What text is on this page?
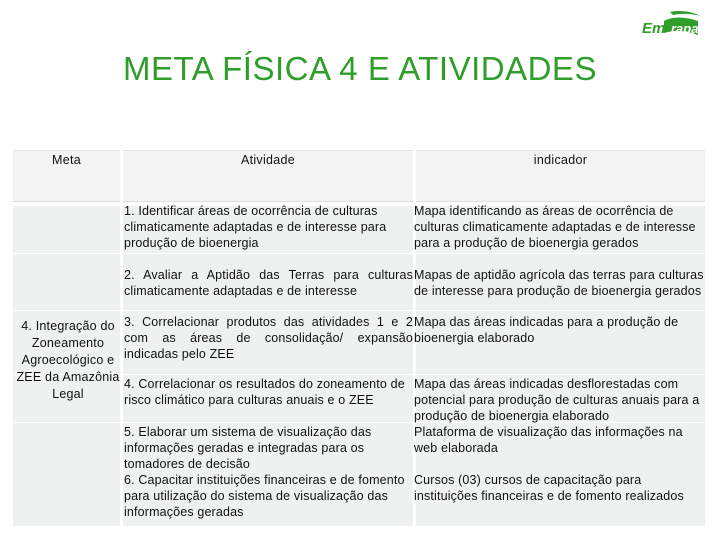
Em rapa
META FÍSICA 4 E ATIVIDADES
Meta	Atividade	indicador
4. Integração do Zoneamento Agroecológico e ZEE da Amazônia Legal
1. Identificar áreas de ocorrência de culturas climaticamente adaptadas e de interesse para produção de bioenergia
Mapa identificando as áreas de ocorrência de culturas climaticamente adaptadas e de interesse para a produção de bioenergia gerados
2. Avaliar a Aptidão das Terras para culturas climaticamente adaptadas e de interesse
Mapas de aptidão agrícola das terras para culturas de interesse para produção de bioenergia gerados
3. Correlacionar produtos das atividades 1 e 2 com as áreas de consolidação/ expansão indicadas pelo ZEE
Mapa das áreas indicadas para a produção de bioenergia elaborado
4. Correlacionar os resultados do zoneamento de risco climático para culturas anuais e o ZEE
Mapa das áreas indicadas desflorestadas com potencial para produção de culturas anuais para a produção de bioenergia elaborado
5. Elaborar um sistema de visualização das informações geradas e integradas para os tomadores de decisão
Plataforma de visualização das informações na web elaborada
6. Capacitar instituições financeiras e de fomento para utilização do sistema de visualização das informações geradas
Cursos (03) cursos de capacitação para instituições financeiras e de fomento realizados
